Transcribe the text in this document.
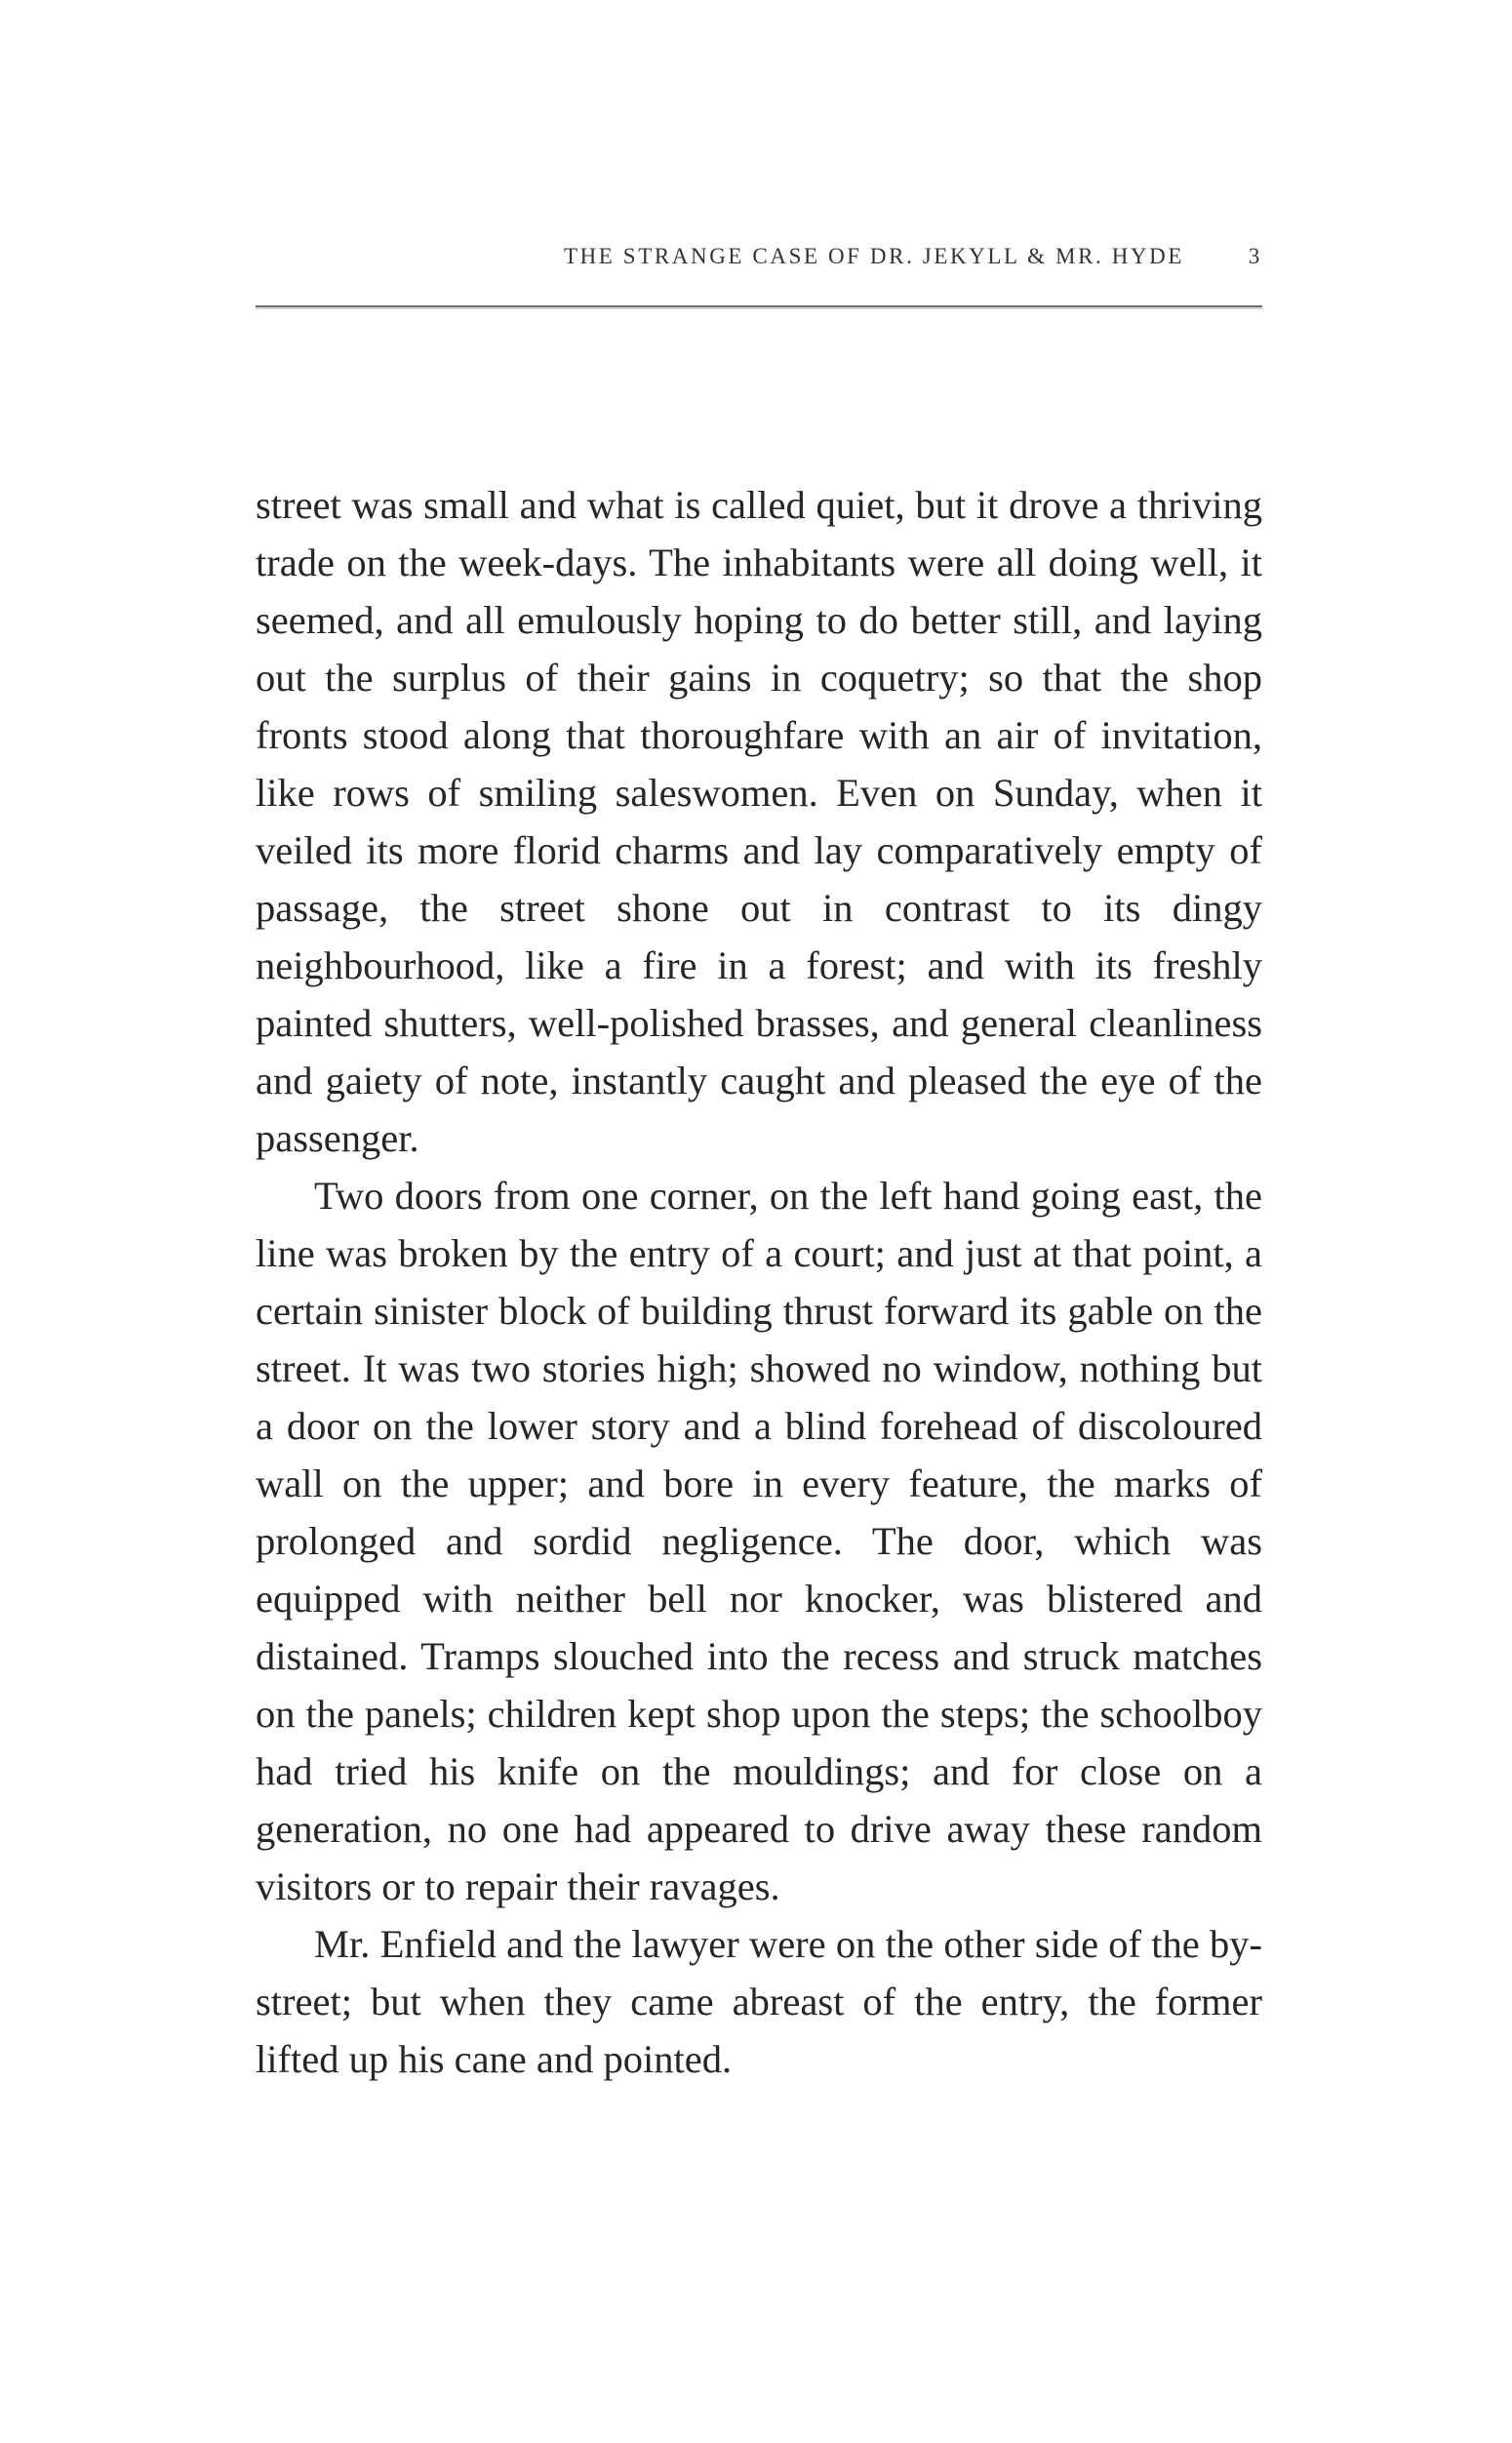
THE STRANGE CASE OF DR. JEKYLL & MR. HYDE	3

street was small and what is called quiet, but it drove a thriving trade on the week-days. The inhabitants were all doing well, it seemed, and all emulously hoping to do better still, and laying out the surplus of their gains in coquetry; so that the shop fronts stood along that thoroughfare with an air of invitation, like rows of smiling saleswomen. Even on Sunday, when it veiled its more florid charms and lay comparatively empty of passage, the street shone out in contrast to its dingy neighbourhood, like a fire in a forest; and with its freshly painted shutters, well-polished brasses, and general cleanliness and gaiety of note, instantly caught and pleased the eye of the passenger.

Two doors from one corner, on the left hand going east, the line was broken by the entry of a court; and just at that point, a certain sinister block of building thrust forward its gable on the street. It was two stories high; showed no window, nothing but a door on the lower story and a blind forehead of discoloured wall on the upper; and bore in every feature, the marks of prolonged and sordid negligence. The door, which was equipped with neither bell nor knocker, was blistered and distained. Tramps slouched into the recess and struck matches on the panels; children kept shop upon the steps; the schoolboy had tried his knife on the mouldings; and for close on a generation, no one had appeared to drive away these random visitors or to repair their ravages.

Mr. Enfield and the lawyer were on the other side of the by-street; but when they came abreast of the entry, the former lifted up his cane and pointed.
